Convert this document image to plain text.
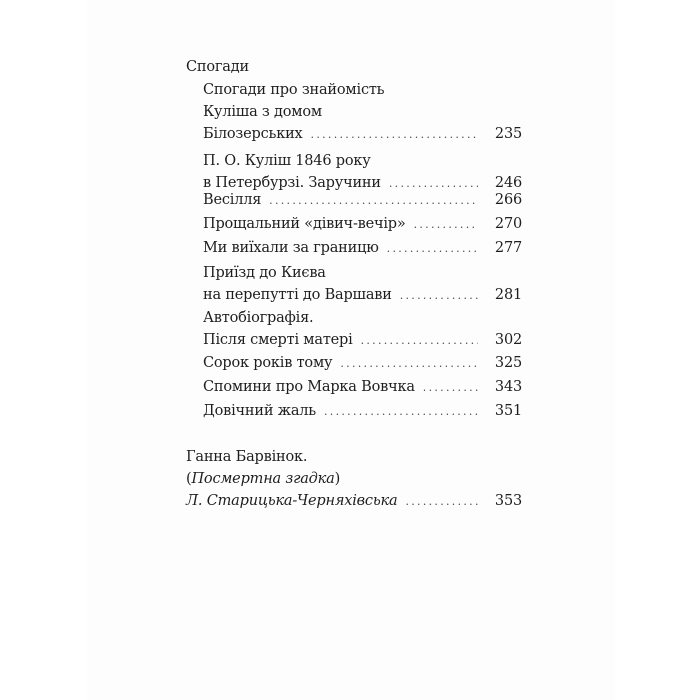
Спогади
Спогади про знайомість
Куліша з домом
Білозерських . . .	235
П. О. Куліш 1846 року
в Петербурзі. Заручини . . .	246
Весілля . . .	266
Прощальний «дівич-вечір» . . .	270
Ми виїхали за границю . . .	277
Приїзд до Києва
на перепутті до Варшави . . .	281
Автобіографія.
Після смерті матері . . .	302
Сорок років тому . . .	325
Спомини про Марка Вовчка . . .	343
Довічний жаль . . .	351
Ганна Барвінок.
(Посмертна згадка)
Л. Старицька-Черняхівська . . .	353
